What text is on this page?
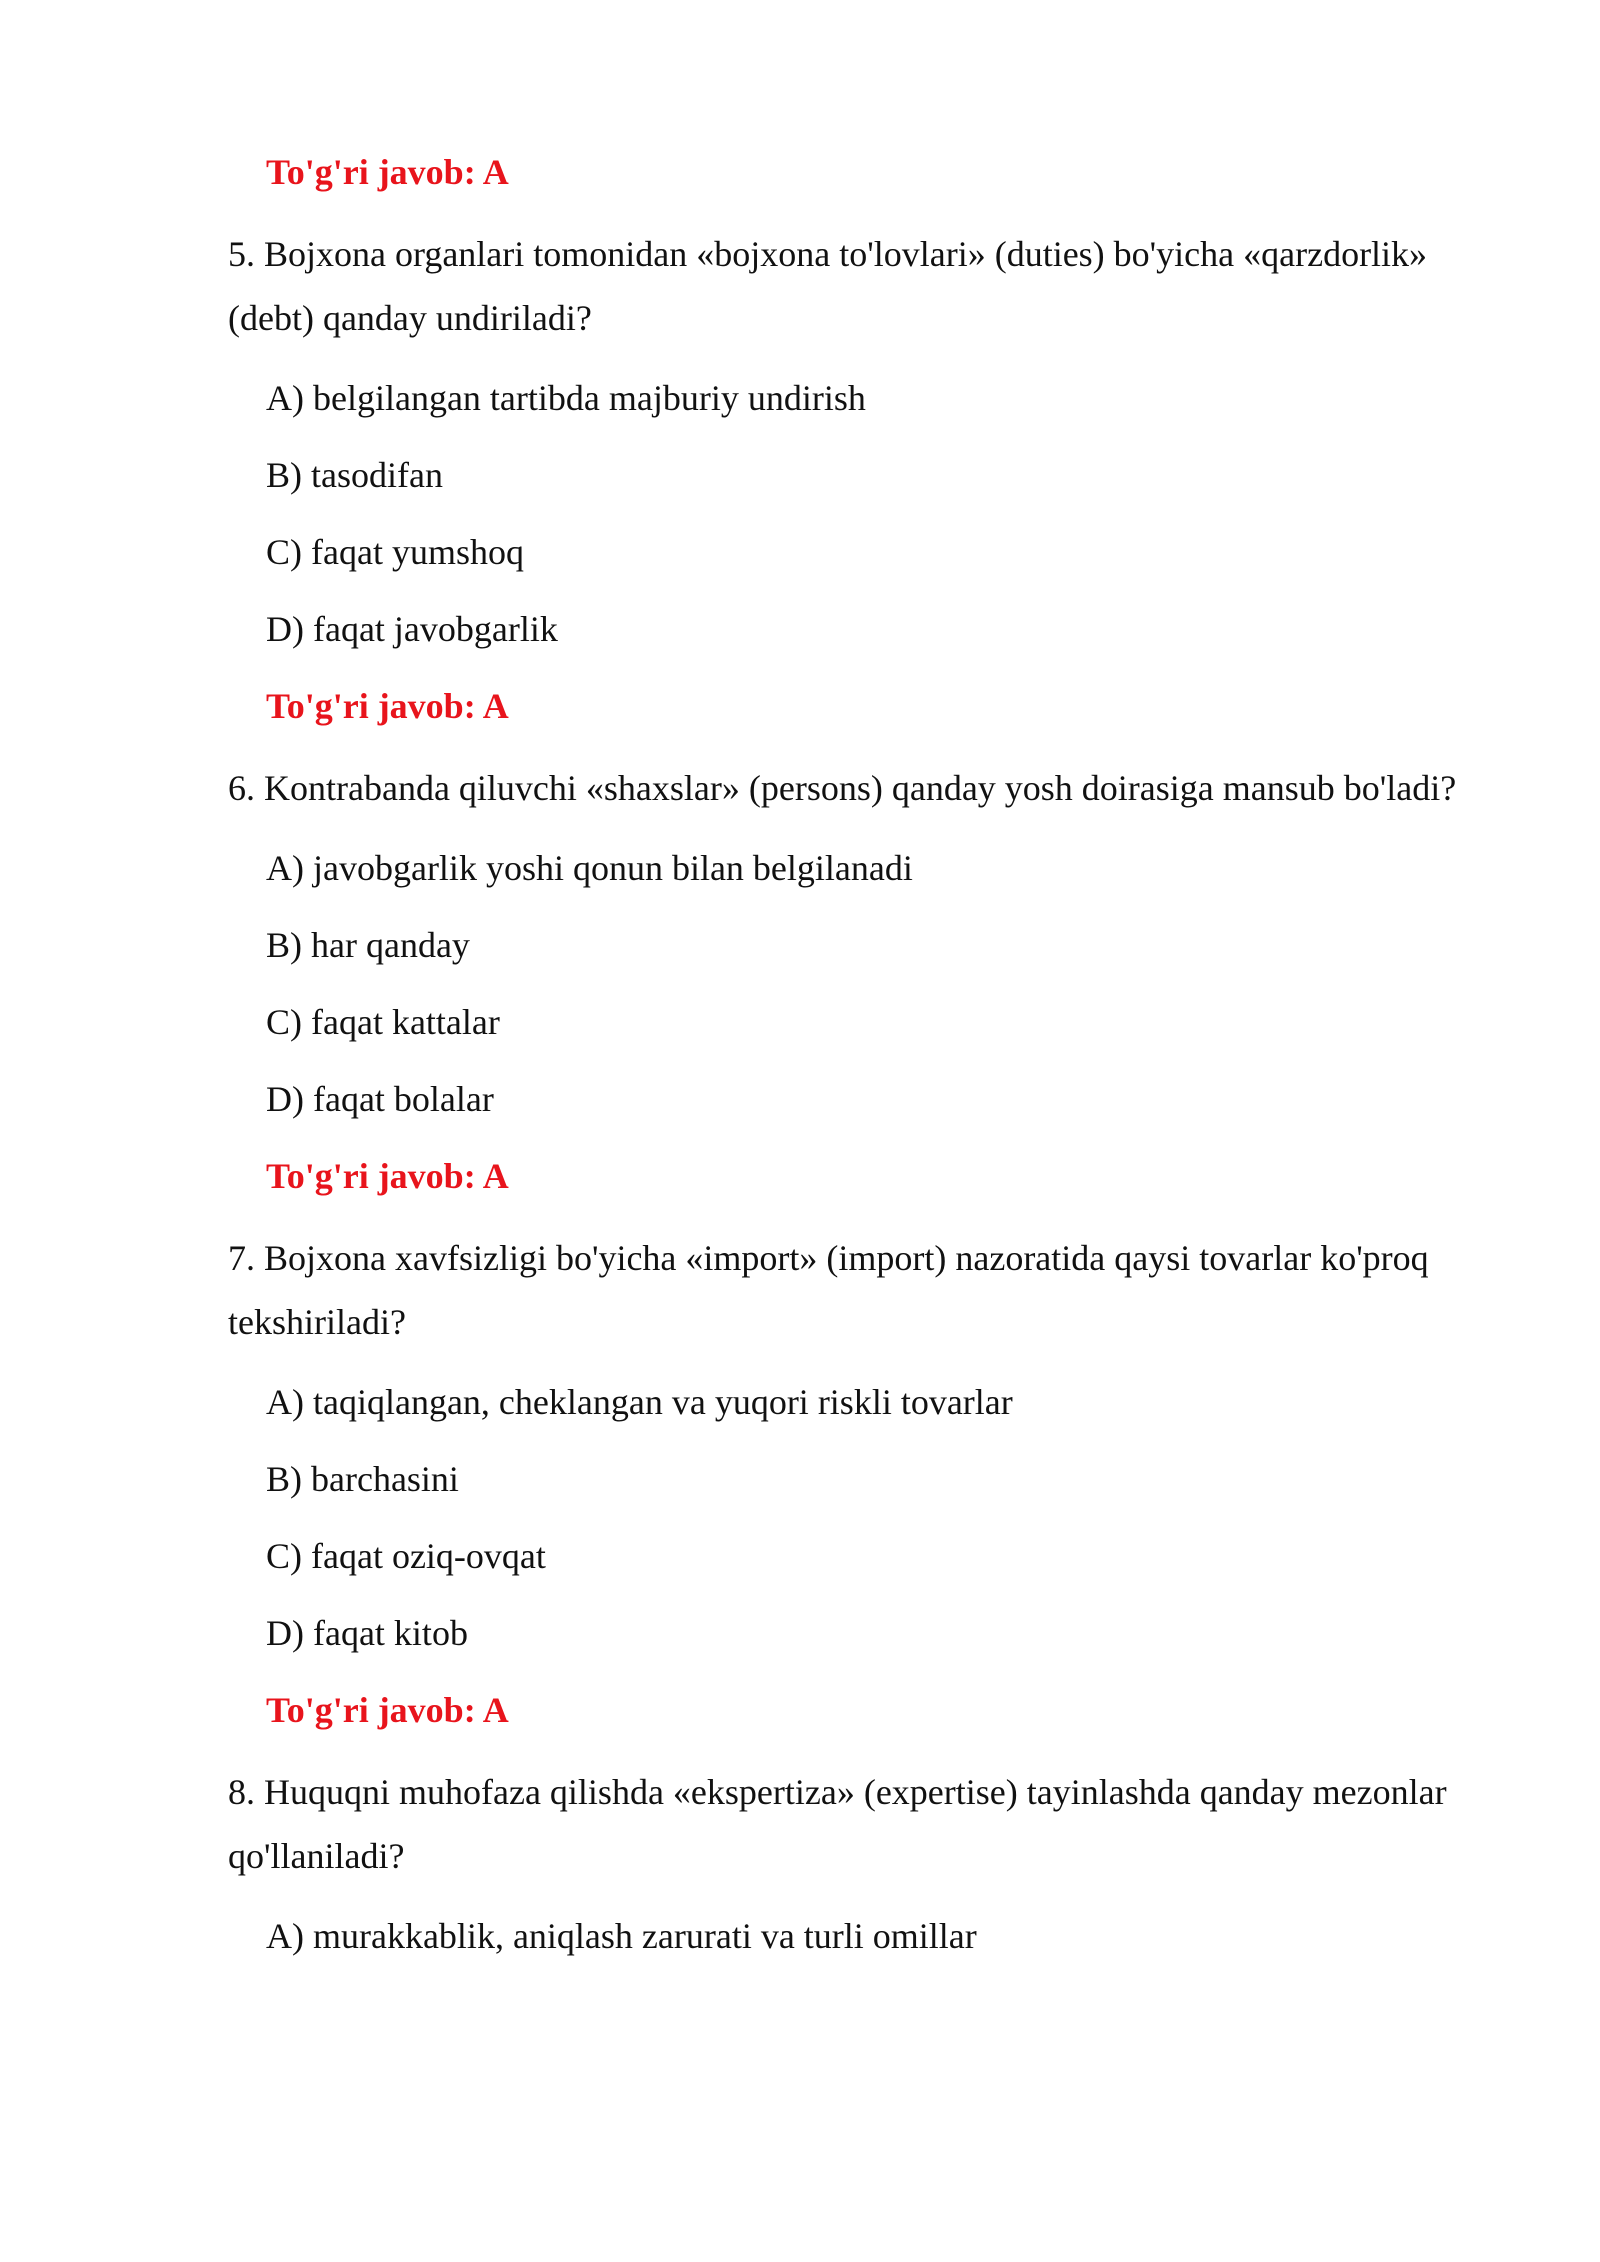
To'g'ri javob: A
5. Bojxona organlari tomonidan «bojxona to'lovlari» (duties) bo'yicha «qarzdorlik» (debt) qanday undiriladi?
A) belgilangan tartibda majburiy undirish
B) tasodifan
C) faqat yumshoq
D) faqat javobgarlik
To'g'ri javob: A
6. Kontrabanda qiluvchi «shaxslar» (persons) qanday yosh doirasiga mansub bo'ladi?
A) javobgarlik yoshi qonun bilan belgilanadi
B) har qanday
C) faqat kattalar
D) faqat bolalar
To'g'ri javob: A
7. Bojxona xavfsizligi bo'yicha «import» (import) nazoratida qaysi tovarlar ko'proq tekshiriladi?
A) taqiqlangan, cheklangan va yuqori riskli tovarlar
B) barchasini
C) faqat oziq-ovqat
D) faqat kitob
To'g'ri javob: A
8. Huquqni muhofaza qilishda «ekspertiza» (expertise) tayinlashda qanday mezonlar qo'llaniladi?
A) murakkablik, aniqlash zarurati va turli omillar
